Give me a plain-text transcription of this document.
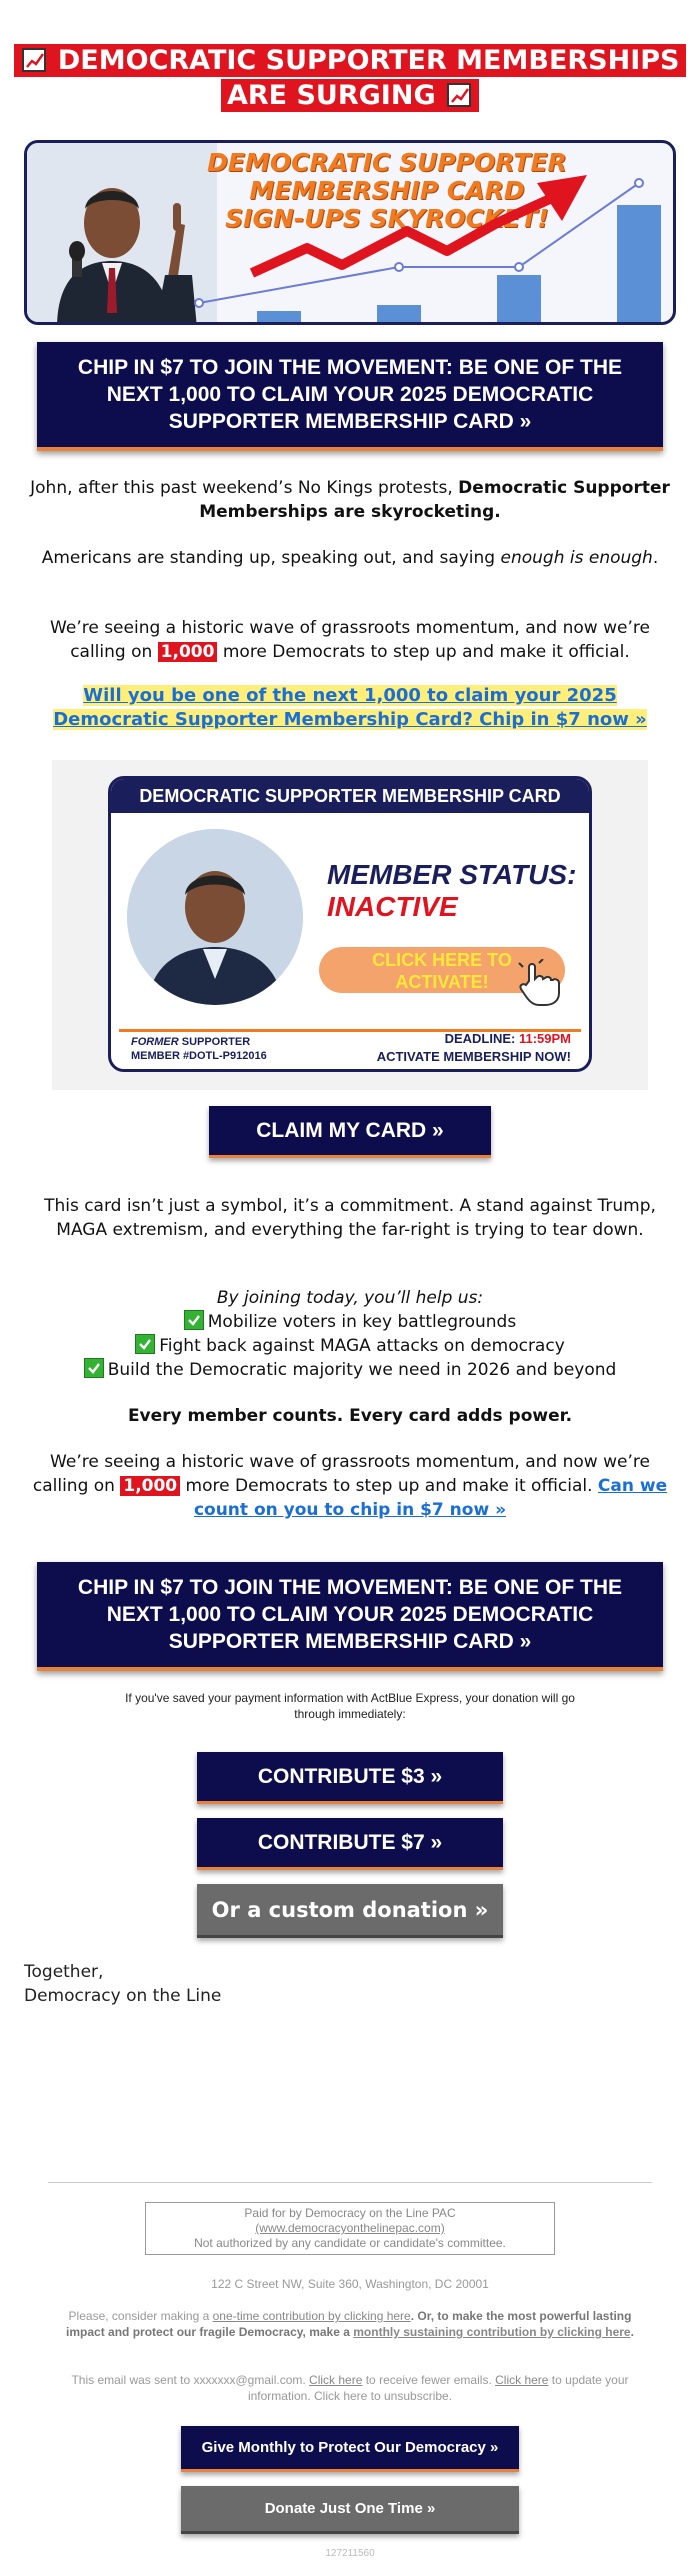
DEMOCRATIC SUPPORTER MEMBERSHIPS
ARE SURGING
DEMOCRATIC SUPPORTER MEMBERSHIP CARD
SIGN-UPS SKYROCKET!
CHIP IN $7 TO JOIN THE MOVEMENT: BE ONE OF THE NEXT 1,000 TO CLAIM YOUR 2025 DEMOCRATIC SUPPORTER MEMBERSHIP CARD »
John, after this past weekend’s No Kings protests, Democratic Supporter Memberships are skyrocketing.
Americans are standing up, speaking out, and saying enough is enough.
We’re seeing a historic wave of grassroots momentum, and now we’re calling on 1,000 more Democrats to step up and make it official.
Will you be one of the next 1,000 to claim your 2025 Democratic Supporter Membership Card? Chip in $7 now »
DEMOCRATIC SUPPORTER MEMBERSHIP CARD
MEMBER STATUS:
INACTIVE
CLICK HERE TO
ACTIVATE!
FORMER SUPPORTER
MEMBER #DOTL-P912016
DEADLINE: 11:59PM
ACTIVATE MEMBERSHIP NOW!
CLAIM MY CARD »
This card isn’t just a symbol, it’s a commitment. A stand against Trump, MAGA extremism, and everything the far-right is trying to tear down.
By joining today, you’ll help us:
Mobilize voters in key battlegrounds
Fight back against MAGA attacks on democracy
Build the Democratic majority we need in 2026 and beyond
Every member counts. Every card adds power.
We’re seeing a historic wave of grassroots momentum, and now we’re calling on 1,000 more Democrats to step up and make it official. Can we count on you to chip in $7 now »
CHIP IN $7 TO JOIN THE MOVEMENT: BE ONE OF THE NEXT 1,000 TO CLAIM YOUR 2025 DEMOCRATIC SUPPORTER MEMBERSHIP CARD »
If you've saved your payment information with ActBlue Express, your donation will go through immediately:
CONTRIBUTE $3 »
CONTRIBUTE $7 »
Or a custom donation »
Together,
Democracy on the Line
Paid for by Democracy on the Line PAC
(www.democracyontheline​pac.com)
Not authorized by any candidate or candidate's committee.
122 C Street NW, Suite 360, Washington, DC 20001
Please, consider making a one-time contribution by clicking here. Or, to make the most powerful lasting impact and protect our fragile Democracy, make a monthly sustaining contribution by clicking here.
This email was sent to xxxxxxx@gmail.com. Click here to receive fewer emails. Click here to update your information. Click here to unsubscribe.
Give Monthly to Protect Our Democracy »
Donate Just One Time »
127211560
